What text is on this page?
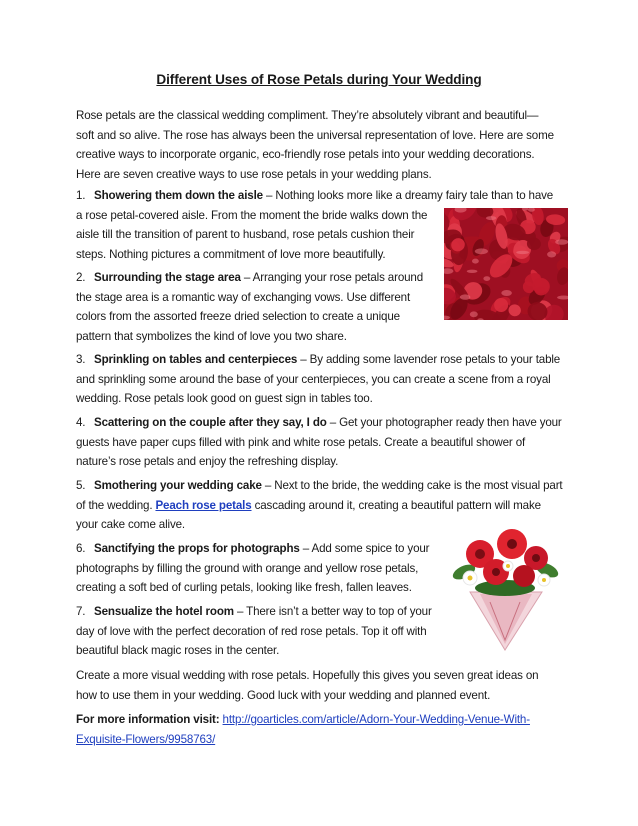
Different Uses of Rose Petals during Your Wedding
Rose petals are the classical wedding compliment. They’re absolutely vibrant and beautiful—
soft and so alive. The rose has always been the universal representation of love. Here are some
creative ways to incorporate organic, eco-friendly rose petals into your wedding decorations.
Here are seven creative ways to use rose petals in your wedding plans.
1. Showering them down the aisle – Nothing looks more like a dreamy fairy tale than to have
a rose petal-covered aisle. From the moment the bride walks down the
aisle till the transition of parent to husband, rose petals cushion their
steps. Nothing pictures a commitment of love more beautifully.
2. Surrounding the stage area – Arranging your rose petals around
the stage area is a romantic way of exchanging vows. Use different
colors from the assorted freeze dried selection to create a unique
pattern that symbolizes the kind of love you two share.
3. Sprinkling on tables and centerpieces – By adding some lavender rose petals to your table
and sprinkling some around the base of your centerpieces, you can create a scene from a royal
wedding. Rose petals look good on guest sign in tables too.
4. Scattering on the couple after they say, I do – Get your photographer ready then have your
guests have paper cups filled with pink and white rose petals. Create a beautiful shower of
nature’s rose petals and enjoy the refreshing display.
5. Smothering your wedding cake – Next to the bride, the wedding cake is the most visual part
of the wedding. Peach rose petals cascading around it, creating a beautiful pattern will make
your cake come alive.
6. Sanctifying the props for photographs – Add some spice to your
photographs by filling the ground with orange and yellow rose petals,
creating a soft bed of curling petals, looking like fresh, fallen leaves.
7. Sensualize the hotel room – There isn’t a better way to top of your
day of love with the perfect decoration of red rose petals. Top it off with
beautiful black magic roses in the center.
Create a more visual wedding with rose petals. Hopefully this gives you seven great ideas on
how to use them in your wedding. Good luck with your wedding and planned event.
For more information visit: http://goarticles.com/article/Adorn-Your-Wedding-Venue-With-
Exquisite-Flowers/9958763/
